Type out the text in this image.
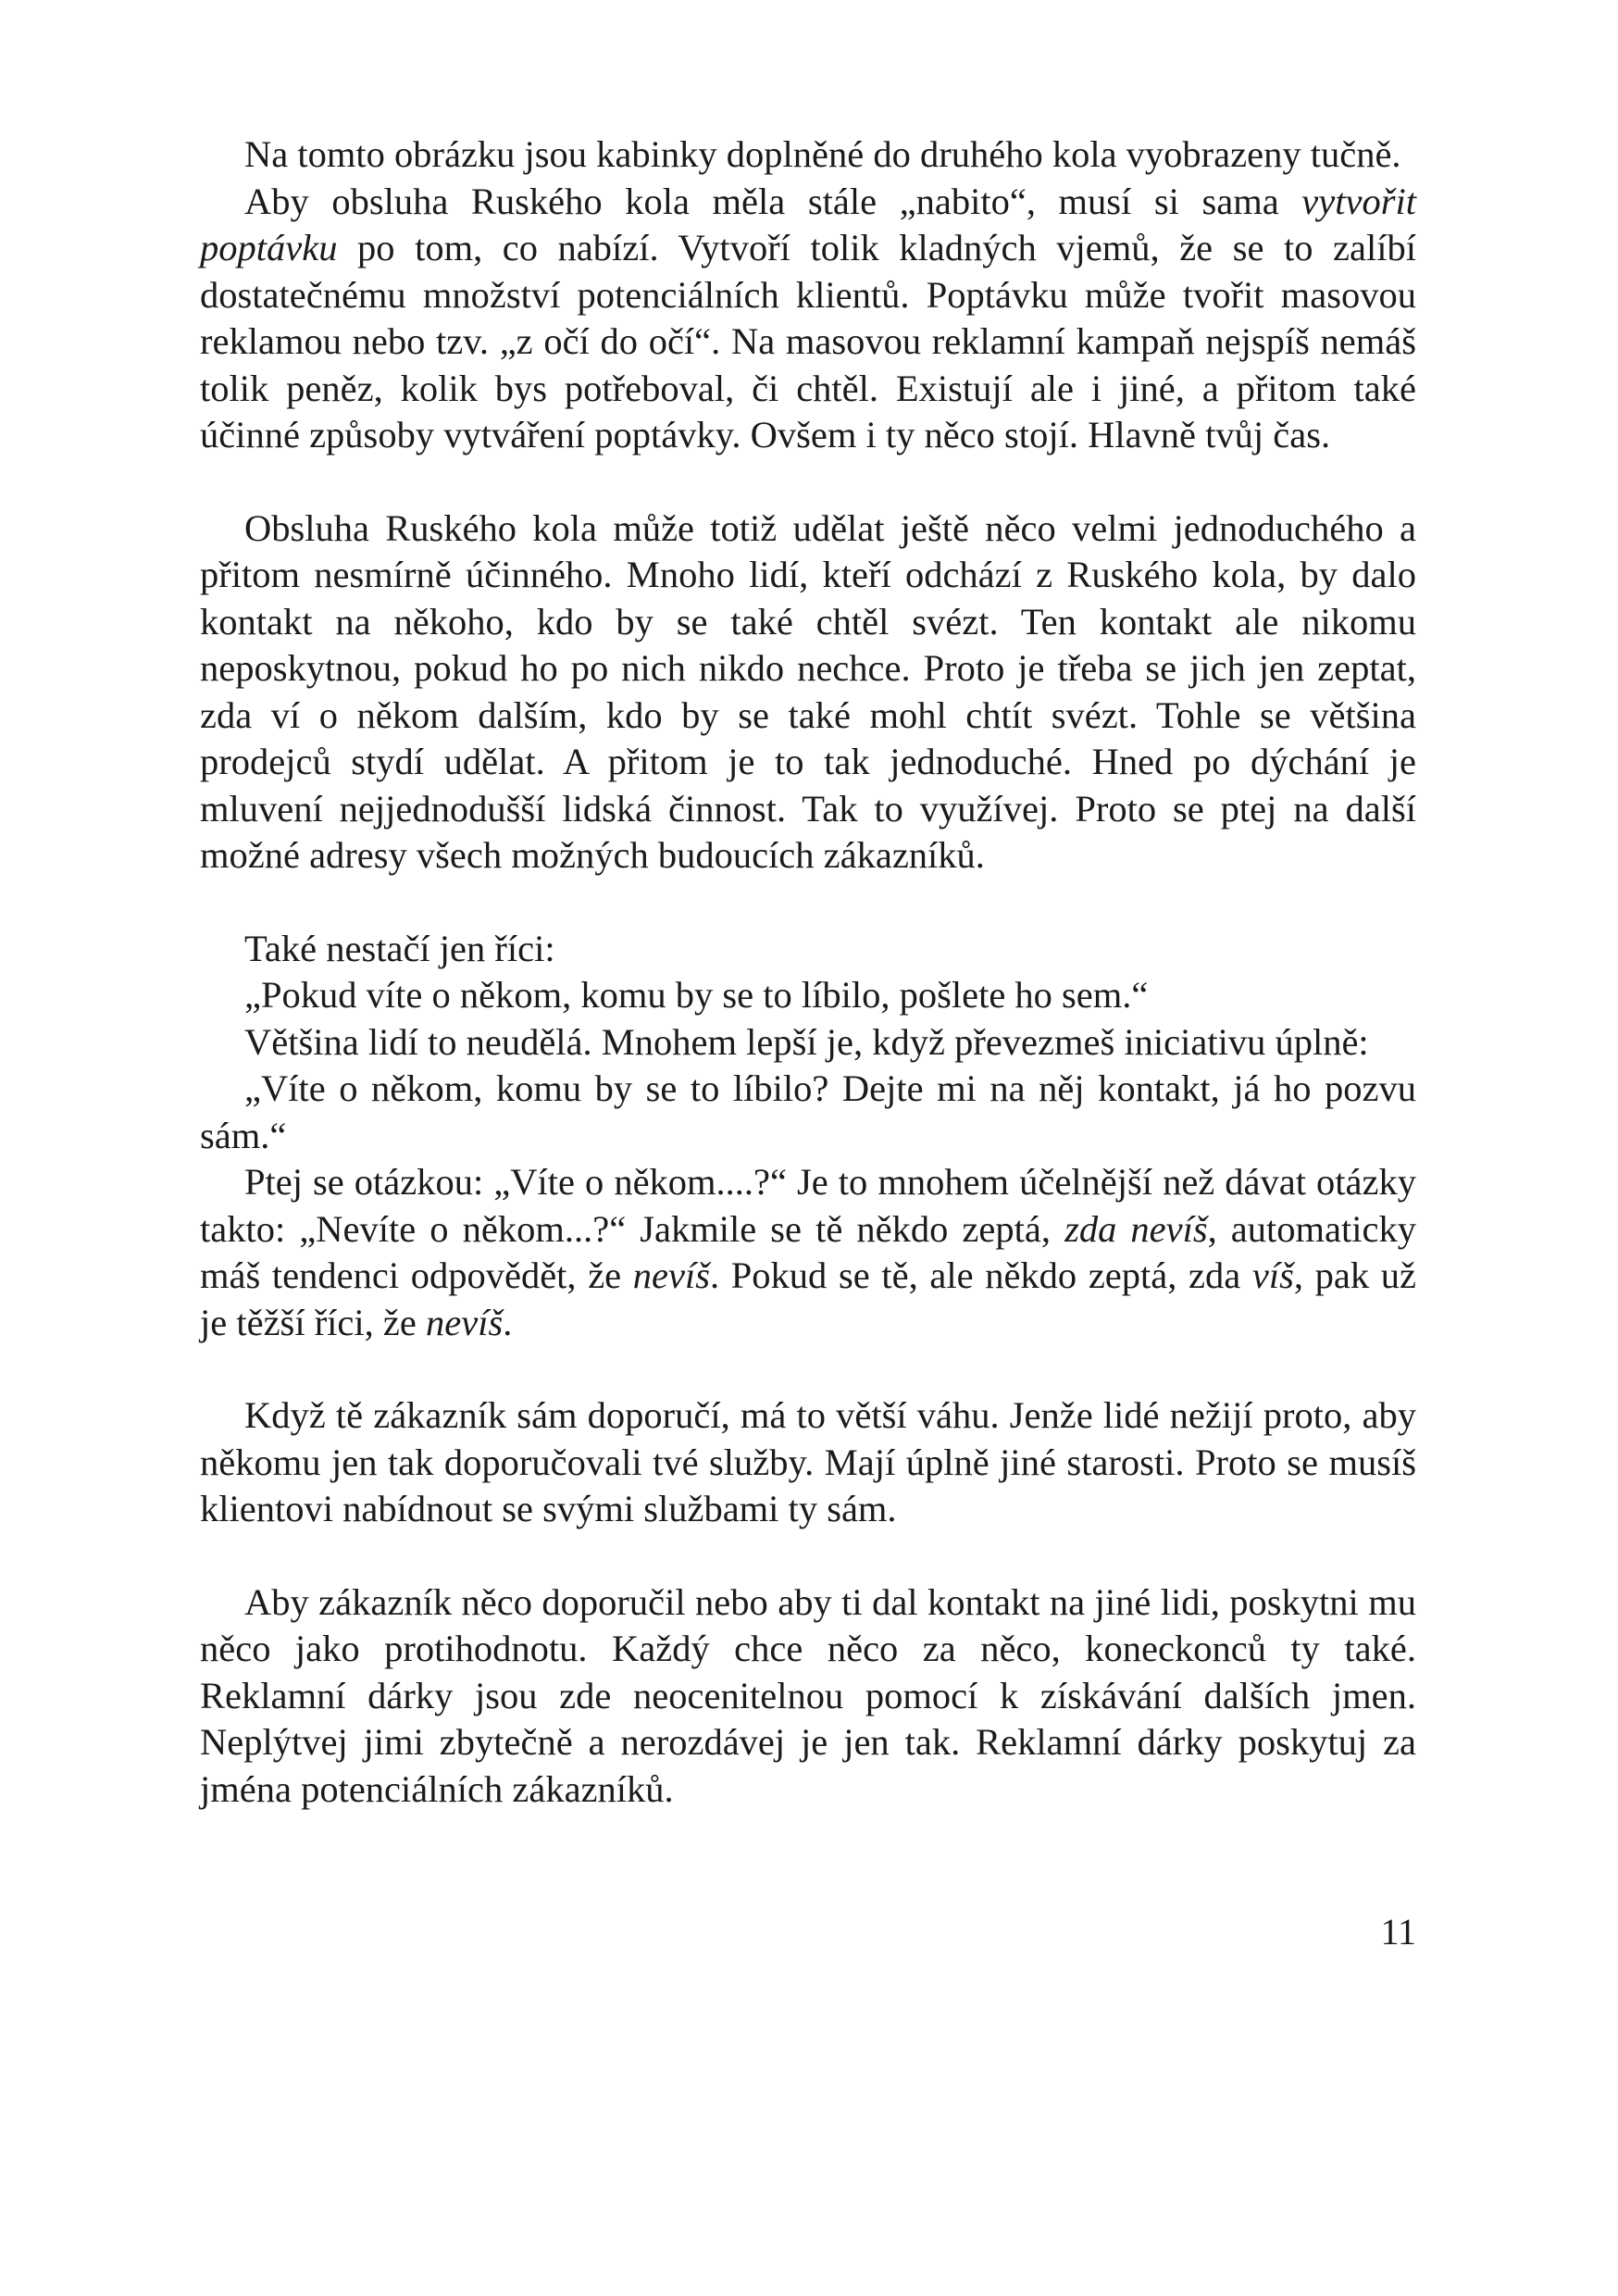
Na tomto obrázku jsou kabinky doplněné do druhého kola vyobrazeny tučně.

Aby obsluha Ruského kola měla stále „nabito“, musí si sama vytvořit poptávku po tom, co nabízí. Vytvoří tolik kladných vjemů, že se to zalíbí dostatečnému množství potenciálních klientů. Poptávku může tvořit masovou reklamou nebo tzv. „z očí do očí“. Na masovou reklamní kampaň nejspíš nemáš tolik peněz, kolik bys potřeboval, či chtěl. Existují ale i jiné, a přitom také účinné způsoby vytváření poptávky. Ovšem i ty něco stojí. Hlavně tvůj čas.

Obsluha Ruského kola může totiž udělat ještě něco velmi jednoduchého a přitom nesmírně účinného. Mnoho lidí, kteří odchází z Ruského kola, by dalo kontakt na někoho, kdo by se také chtěl svézt. Ten kontakt ale nikomu neposkytnou, pokud ho po nich nikdo nechce. Proto je třeba se jich jen zeptat, zda ví o někom dalším, kdo by se také mohl chtít svézt. Tohle se většina prodejců stydí udělat. A přitom je to tak jednoduché. Hned po dýchání je mluvení nejjednodušší lidská činnost. Tak to využívej. Proto se ptej na další možné adresy všech možných budoucích zákazníků.

Také nestačí jen říci:

„Pokud víte o někom, komu by se to líbilo, pošlete ho sem.“

Většina lidí to neudělá. Mnohem lepší je, když převezmeš iniciativu úplně:

„Víte o někom, komu by se to líbilo? Dejte mi na něj kontakt, já ho pozvu sám.“

Ptej se otázkou: „Víte o někom....?“ Je to mnohem účelnější než dávat otázky takto: „Nevíte o někom...?“ Jakmile se tě někdo zeptá, zda nevíš, automaticky máš tendenci odpovědět, že nevíš. Pokud se tě, ale někdo zeptá, zda víš, pak už je těžší říci, že nevíš.

Když tě zákazník sám doporučí, má to větší váhu. Jenže lidé nežijí proto, aby někomu jen tak doporučovali tvé služby. Mají úplně jiné starosti. Proto se musíš klientovi nabídnout se svými službami ty sám.

Aby zákazník něco doporučil nebo aby ti dal kontakt na jiné lidi, poskytni mu něco jako protihodnotu. Každý chce něco za něco, koneckonců ty také. Reklamní dárky jsou zde neocenitelnou pomocí k získávání dalších jmen. Neplýtvej jimi zbytečně a nerozdávej je jen tak. Reklamní dárky poskytuj za jména potenciálních zákazníků.

11
